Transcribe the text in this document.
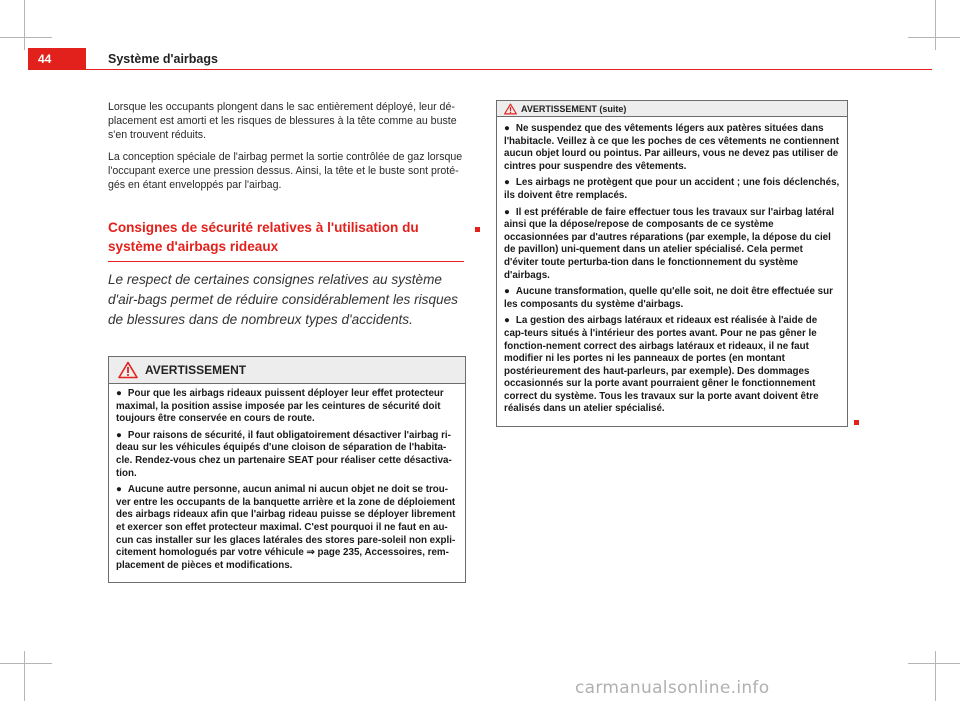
44	Système d'airbags

Lorsque les occupants plongent dans le sac entièrement déployé, leur dé-placement est amorti et les risques de blessures à la tête comme au buste s'en trouvent réduits.

La conception spéciale de l'airbag permet la sortie contrôlée de gaz lorsque l'occupant exerce une pression dessus. Ainsi, la tête et le buste sont proté-gés en étant enveloppés par l'airbag.

Consignes de sécurité relatives à l'utilisation du système d'airbags rideaux

Le respect de certaines consignes relatives au système d'air-bags permet de réduire considérablement les risques de blessures dans de nombreux types d'accidents.

AVERTISSEMENT

● Pour que les airbags rideaux puissent déployer leur effet protecteur maximal, la position assise imposée par les ceintures de sécurité doit toujours être conservée en cours de route.

● Pour raisons de sécurité, il faut obligatoirement désactiver l'airbag ri-deau sur les véhicules équipés d'une cloison de séparation de l'habita-cle. Rendez-vous chez un partenaire SEAT pour réaliser cette désactiva-tion.

● Aucune autre personne, aucun animal ni aucun objet ne doit se trou-ver entre les occupants de la banquette arrière et la zone de déploiement des airbags rideaux afin que l'airbag rideau puisse se déployer librement et exercer son effet protecteur maximal. C'est pourquoi il ne faut en au-cun cas installer sur les glaces latérales des stores pare-soleil non expli-citement homologués par votre véhicule ⇒ page 235, Accessoires, rem-placement de pièces et modifications.

AVERTISSEMENT (suite)

● Ne suspendez que des vêtements légers aux patères situées dans l'habitacle. Veillez à ce que les poches de ces vêtements ne contiennent aucun objet lourd ou pointus. Par ailleurs, vous ne devez pas utiliser de cintres pour suspendre des vêtements.

● Les airbags ne protègent que pour un accident ; une fois déclenchés, ils doivent être remplacés.

● Il est préférable de faire effectuer tous les travaux sur l'airbag latéral ainsi que la dépose/repose de composants de ce système occasionnées par d'autres réparations (par exemple, la dépose du ciel de pavillon) uni-quement dans un atelier spécialisé. Cela permet d'éviter toute perturba-tion dans le fonctionnement du système d'airbags.

● Aucune transformation, quelle qu'elle soit, ne doit être effectuée sur les composants du système d'airbags.

● La gestion des airbags latéraux et rideaux est réalisée à l'aide de cap-teurs situés à l'intérieur des portes avant. Pour ne pas gêner le fonction-nement correct des airbags latéraux et rideaux, il ne faut modifier ni les portes ni les panneaux de portes (en montant postérieurement des haut-parleurs, par exemple). Des dommages occasionnés sur la porte avant pourraient gêner le fonctionnement correct du système. Tous les travaux sur la porte avant doivent être réalisés dans un atelier spécialisé.

carmanualsonline.info
